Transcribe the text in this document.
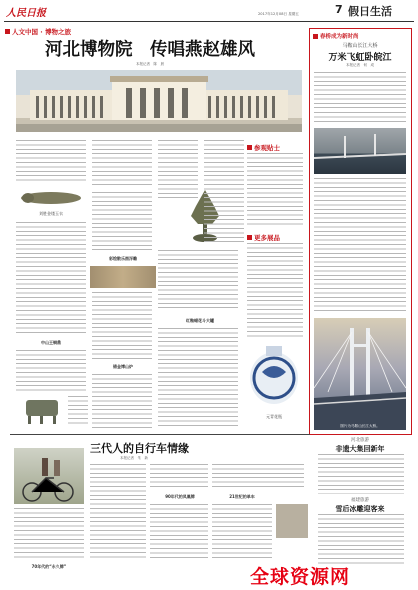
人民日报	2017年12月08日 星期五	7 假日生活
人文中国 · 博物之旅
河北博物院　传唱燕赵雄风
本报记者　陈　晨
刘胜金缕玉衣
中山王铜鼎
彩绘散乐图浮雕
错金博山炉
红釉蜡花斗大罐
参观贴士
更多展品
元青花瓶
春桥成为新时尚
马鞍山长江大桥
万米飞虹卧皖江
本报记者　何　成
图片为马鞍山长江大桥。
河北旅游
非遗大集回新年
福建旅游
雪后冰雕迎客来
三代人的自行车情缘
本报记者　朱　新
70年代的“永久牌”
90年代的凤凰牌	21世纪的单车
全球资源网
